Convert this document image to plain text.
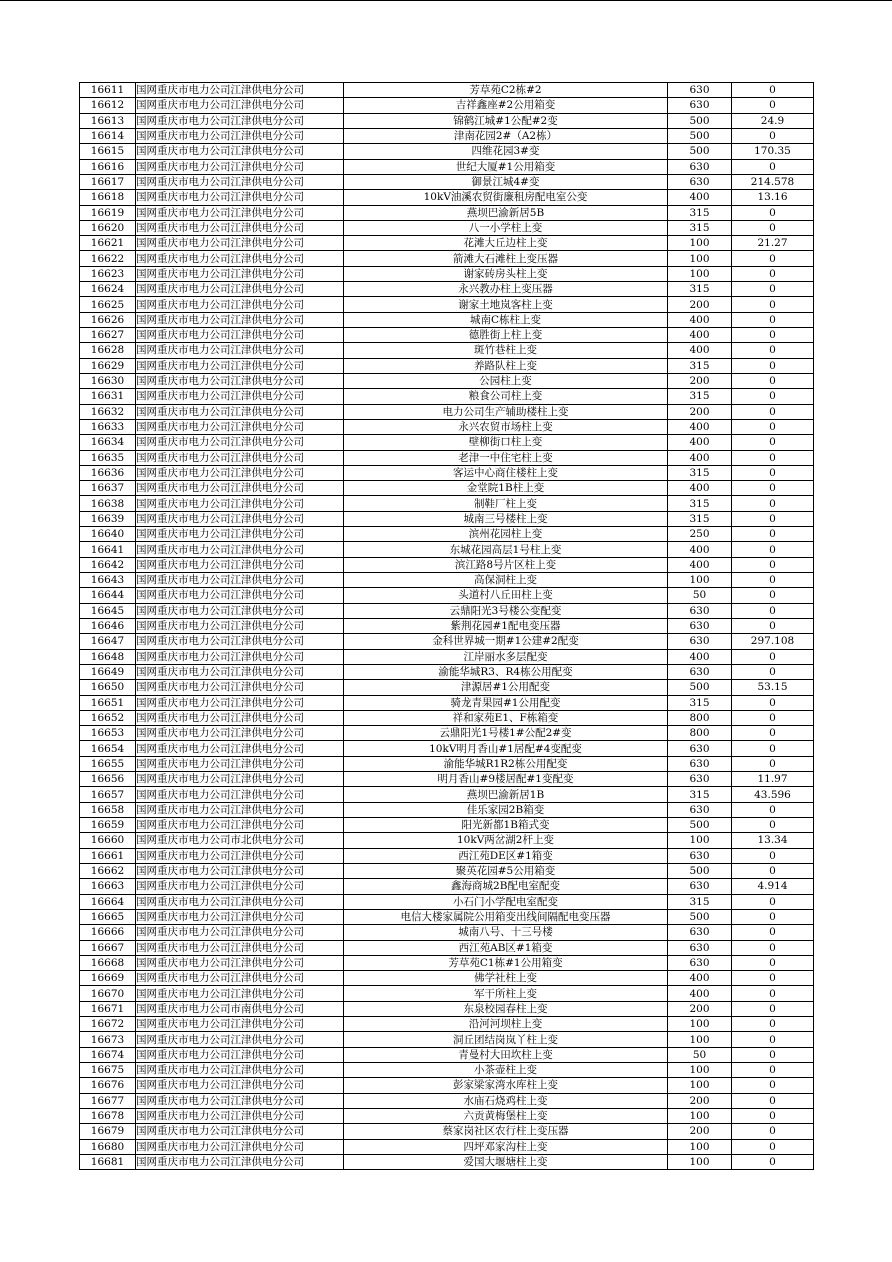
16611	国网重庆市电力公司江津供电分公司	芳草苑C2栋#2	630	0
16612	国网重庆市电力公司江津供电分公司	吉祥鑫座#2公用箱变	630	0
16613	国网重庆市电力公司江津供电分公司	锦鹤江城#1公配#2变	500	24.9
16614	国网重庆市电力公司江津供电分公司	津南花园2#（A2栋）	500	0
16615	国网重庆市电力公司江津供电分公司	四维花园3#变	500	170.35
16616	国网重庆市电力公司江津供电分公司	世纪大厦#1公用箱变	630	0
16617	国网重庆市电力公司江津供电分公司	御景江城4#变	630	214.578
16618	国网重庆市电力公司江津供电分公司	10kV油溪农贸街廉租房配电室公变	400	13.16
16619	国网重庆市电力公司江津供电分公司	燕坝巴渝新居5B	315	0
16620	国网重庆市电力公司江津供电分公司	八一小学柱上变	315	0
16621	国网重庆市电力公司江津供电分公司	花滩大丘边柱上变	100	21.27
16622	国网重庆市电力公司江津供电分公司	箭滩大石滩柱上变压器	100	0
16623	国网重庆市电力公司江津供电分公司	谢家砖房头柱上变	100	0
16624	国网重庆市电力公司江津供电分公司	永兴教办柱上变压器	315	0
16625	国网重庆市电力公司江津供电分公司	谢家土地岚客柱上变	200	0
16626	国网重庆市电力公司江津供电分公司	城南C栋柱上变	400	0
16627	国网重庆市电力公司江津供电分公司	德胜街上柱上变	400	0
16628	国网重庆市电力公司江津供电分公司	斑竹巷柱上变	400	0
16629	国网重庆市电力公司江津供电分公司	养路队柱上变	315	0
16630	国网重庆市电力公司江津供电分公司	公园柱上变	200	0
16631	国网重庆市电力公司江津供电分公司	粮食公司柱上变	315	0
16632	国网重庆市电力公司江津供电分公司	电力公司生产辅助楼柱上变	200	0
16633	国网重庆市电力公司江津供电分公司	永兴农贸市场柱上变	400	0
16634	国网重庆市电力公司江津供电分公司	壁柳街口柱上变	400	0
16635	国网重庆市电力公司江津供电分公司	老津一中住宅柱上变	400	0
16636	国网重庆市电力公司江津供电分公司	客运中心商住楼柱上变	315	0
16637	国网重庆市电力公司江津供电分公司	金堂院1B柱上变	400	0
16638	国网重庆市电力公司江津供电分公司	制鞋厂柱上变	315	0
16639	国网重庆市电力公司江津供电分公司	城南三号楼柱上变	315	0
16640	国网重庆市电力公司江津供电分公司	滨州花园柱上变	250	0
16641	国网重庆市电力公司江津供电分公司	东城花园高层1号柱上变	400	0
16642	国网重庆市电力公司江津供电分公司	滨江路8号片区柱上变	400	0
16643	国网重庆市电力公司江津供电分公司	高保洞柱上变	100	0
16644	国网重庆市电力公司江津供电分公司	头道村八丘田柱上变	50	0
16645	国网重庆市电力公司江津供电分公司	云鼎阳光3号楼公变配变	630	0
16646	国网重庆市电力公司江津供电分公司	紫荆花园#1配电变压器	630	0
16647	国网重庆市电力公司江津供电分公司	金科世界城一期#1公建#2配变	630	297.108
16648	国网重庆市电力公司江津供电分公司	江岸丽水多层配变	400	0
16649	国网重庆市电力公司江津供电分公司	渝能华城R3、R4栋公用配变	630	0
16650	国网重庆市电力公司江津供电分公司	津源居#1公用配变	500	53.15
16651	国网重庆市电力公司江津供电分公司	骑龙青果园#1公用配变	315	0
16652	国网重庆市电力公司江津供电分公司	祥和家苑E1、F栋箱变	800	0
16653	国网重庆市电力公司江津供电分公司	云鼎阳光1号楼1#公配2#变	800	0
16654	国网重庆市电力公司江津供电分公司	10kV明月香山#1居配#4变配变	630	0
16655	国网重庆市电力公司江津供电分公司	渝能华城R1R2栋公用配变	630	0
16656	国网重庆市电力公司江津供电分公司	明月香山#9楼居配#1变配变	630	11.97
16657	国网重庆市电力公司江津供电分公司	燕坝巴渝新居1B	315	43.596
16658	国网重庆市电力公司江津供电分公司	佳乐家园2B箱变	630	0
16659	国网重庆市电力公司江津供电分公司	阳光新都1B箱式变	500	0
16660	国网重庆市电力公司市北供电分公司	10kV两岔湖2杆上变	100	13.34
16661	国网重庆市电力公司江津供电分公司	西江苑DE区#1箱变	630	0
16662	国网重庆市电力公司江津供电分公司	聚英花园#5公用箱变	500	0
16663	国网重庆市电力公司江津供电分公司	鑫海商城2B配电室配变	630	4.914
16664	国网重庆市电力公司江津供电分公司	小石门小学配电室配变	315	0
16665	国网重庆市电力公司江津供电分公司	电信大楼家属院公用箱变出线间隔配电变压器	500	0
16666	国网重庆市电力公司江津供电分公司	城南八号、十三号楼	630	0
16667	国网重庆市电力公司江津供电分公司	西江苑AB区#1箱变	630	0
16668	国网重庆市电力公司江津供电分公司	芳草苑C1栋#1公用箱变	630	0
16669	国网重庆市电力公司江津供电分公司	佛学社柱上变	400	0
16670	国网重庆市电力公司江津供电分公司	军干所柱上变	400	0
16671	国网重庆市电力公司市南供电分公司	东泉校园春柱上变	200	0
16672	国网重庆市电力公司江津供电分公司	沿河河坝柱上变	100	0
16673	国网重庆市电力公司江津供电分公司	洞丘团结岗岚丫柱上变	100	0
16674	国网重庆市电力公司江津供电分公司	青曼村大田坎柱上变	50	0
16675	国网重庆市电力公司江津供电分公司	小茶壶柱上变	100	0
16676	国网重庆市电力公司江津供电分公司	彭家梁家湾水库柱上变	100	0
16677	国网重庆市电力公司江津供电分公司	水庙石烧鸡柱上变	200	0
16678	国网重庆市电力公司江津供电分公司	六贡黄梅堡柱上变	100	0
16679	国网重庆市电力公司江津供电分公司	蔡家岗社区农行柱上变压器	200	0
16680	国网重庆市电力公司江津供电分公司	四坪邓家沟柱上变	100	0
16681	国网重庆市电力公司江津供电分公司	爱国大堰塘柱上变	100	0
